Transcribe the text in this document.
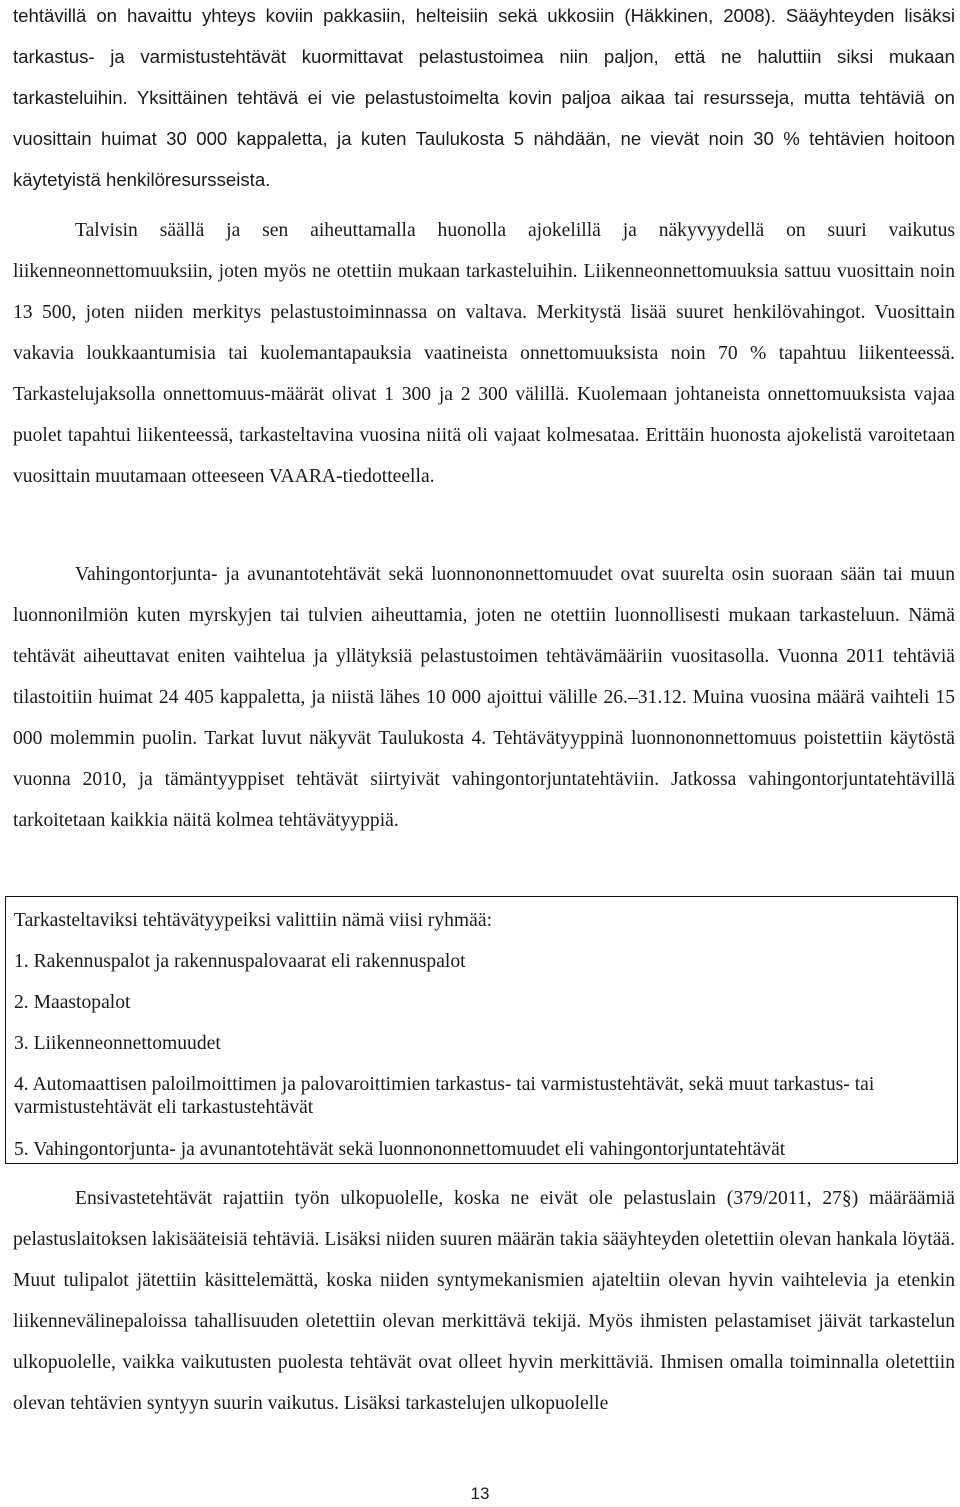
tehtävillä on havaittu yhteys koviin pakkasiin, helteisiin sekä ukkosiin (Häkkinen, 2008). Sääyhteyden lisäksi tarkastus- ja varmistustehtävät kuormittavat pelastustoimea niin paljon, että ne haluttiin siksi mukaan tarkasteluihin. Yksittäinen tehtävä ei vie pelastustoimelta kovin paljoa aikaa tai resursseja, mutta tehtäviä on vuosittain huimat 30 000 kappaletta, ja kuten Taulukosta 5 nähdään, ne vievät noin 30 % tehtävien hoitoon käytetyistä henkilöresursseista.

Talvisin säällä ja sen aiheuttamalla huonolla ajokelillä ja näkyvyydellä on suuri vaikutus liikenneonnettomuuksiin, joten myös ne otettiin mukaan tarkasteluihin. Liikenneonnettomuuksia sattuu vuosittain noin 13 500, joten niiden merkitys pelastustoiminnassa on valtava. Merkitystä lisää suuret henkilövahingot. Vuosittain vakavia loukkaantumisia tai kuolemantapauksia vaatineista onnettomuuksista noin 70 % tapahtuu liikenteessä. Tarkastelujaksolla onnettomuus-määrät olivat 1 300 ja 2 300 välillä. Kuolemaan johtaneista onnettomuuksista vajaa puolet tapahtui liikenteessä, tarkasteltavina vuosina niitä oli vajaat kolmesataa. Erittäin huonosta ajokelistä varoitetaan vuosittain muutamaan otteeseen VAARA-tiedotteella.

Vahingontorjunta- ja avunantotehtävät sekä luonnononnettomuudet ovat suurelta osin suoraan sään tai muun luonnonilmiön kuten myrskyjen tai tulvien aiheuttamia, joten ne otettiin luonnollisesti mukaan tarkasteluun. Nämä tehtävät aiheuttavat eniten vaihtelua ja yllätyksiä pelastustoimen tehtävämääriin vuositasolla. Vuonna 2011 tehtäviä tilastoitiin huimat 24 405 kappaletta, ja niistä lähes 10 000 ajoittui välille 26.–31.12. Muina vuosina määrä vaihteli 15 000 molemmin puolin. Tarkat luvut näkyvät Taulukosta 4. Tehtävätyyppinä luonnononnettomuus poistettiin käytöstä vuonna 2010, ja tämäntyyppiset tehtävät siirtyivät vahingontorjuntatehtäviin. Jatkossa vahingontorjuntatehtävillä tarkoitetaan kaikkia näitä kolmea tehtävätyyppiä.

Tarkasteltaviksi tehtävätyypeiksi valittiin nämä viisi ryhmää:

1. Rakennuspalot ja rakennuspalovaarat eli rakennuspalot

2. Maastopalot

3. Liikenneonnettomuudet

4. Automaattisen paloilmoittimen ja palovaroittimien tarkastus- tai varmistustehtävät, sekä muut tarkastus- tai varmistustehtävät eli tarkastustehtävät

5. Vahingontorjunta- ja avunantotehtävät sekä luonnononnettomuudet eli vahingontorjuntatehtävät

Ensivastetehtävät rajattiin työn ulkopuolelle, koska ne eivät ole pelastuslain (379/2011, 27§) määräämiä pelastuslaitoksen lakisääteisiä tehtäviä. Lisäksi niiden suuren määrän takia sääyhteyden oletettiin olevan hankala löytää. Muut tulipalot jätettiin käsittelemättä, koska niiden syntymekanismien ajateltiin olevan hyvin vaihtelevia ja etenkin liikennevälinepaloissa tahallisuuden oletettiin olevan merkittävä tekijä. Myös ihmisten pelastamiset jäivät tarkastelun ulkopuolelle, vaikka vaikutusten puolesta tehtävät ovat olleet hyvin merkittäviä. Ihmisen omalla toiminnalla oletettiin olevan tehtävien syntyyn suurin vaikutus. Lisäksi tarkastelujen ulkopuolelle

13
